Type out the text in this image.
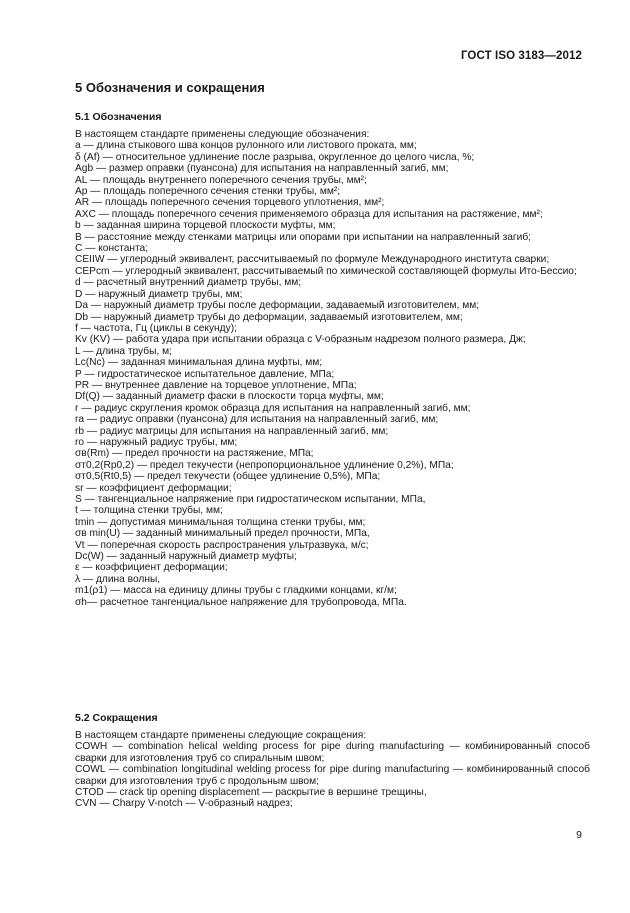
ГОСТ ISO 3183—2012
5 Обозначения и сокращения
5.1 Обозначения
В настоящем стандарте применены следующие обозначения:
a — длина стыкового шва концов рулонного или листового проката, мм;
δ (Af) — относительное удлинение после разрыва, округленное до целого числа, %;
Agb — размер оправки (пуансона) для испытания на направленный загиб, мм;
AL — площадь внутреннего поперечного сечения трубы, мм²;
Ap — площадь поперечного сечения стенки трубы, мм²;
AR — площадь поперечного сечения торцевого уплотнения, мм²;
AXC — площадь поперечного сечения применяемого образца для испытания на растяжение, мм²;
b — заданная ширина торцевой плоскости муфты, мм;
B — расстояние между стенками матрицы или опорами при испытании на направленный загиб;
C — константа;
CEIIW — углеродный эквивалент, рассчитываемый по формуле Международного института сварки;
CEPcm — углеродный эквивалент, рассчитываемый по химической составляющей формулы Ито-Бессио;
d — расчетный внутренний диаметр трубы, мм;
D — наружный диаметр трубы, мм;
Da — наружный диаметр трубы после деформации, задаваемый изготовителем, мм;
Db — наружный диаметр трубы до деформации, задаваемый изготовителем, мм;
f — частота, Гц (циклы в секунду);
Kv (KV) — работа удара при испытании образца с V-образным надрезом полного размера, Дж;
L — длина трубы, м;
Lc(Nc) — заданная минимальная длина муфты, мм;
P — гидростатическое испытательное давление, МПа;
PR — внутреннее давление на торцевое уплотнение, МПа;
Df(Q) — заданный диаметр фаски в плоскости торца муфты, мм;
r — радиус скругления кромок образца для испытания на направленный загиб, мм;
ra — радиус оправки (пуансона) для испытания на направленный загиб, мм;
rb — радиус матрицы для испытания на направленный загиб, мм;
ro — наружный радиус трубы, мм;
σв(Rm) — предел прочности на растяжение, МПа;
σт0,2(Rp0,2) — предел текучести (непропорциональное удлинение 0,2%), МПа;
σт0,5(Rt0,5) — предел текучести (общее удлинение 0,5%), МПа;
sr — коэффициент деформации;
S — тангенциальное напряжение при гидростатическом испытании, МПа,
t — толщина стенки трубы, мм;
tmin — допустимая минимальная толщина стенки трубы, мм;
σв min(U) — заданный минимальный предел прочности, МПа,
Vt — поперечная скорость распространения ультразвука, м/с;
Dc(W) — заданный наружный диаметр муфты;
ε — коэффициент деформации;
λ — длина волны,
m1(ρ1) — масса на единицу длины трубы с гладкими концами, кг/м;
σh— расчетное тангенциальное напряжение для трубопровода, МПа.
5.2 Сокращения
В настоящем стандарте применены следующие сокращения:
COWH — combination helical welding process for pipe during manufacturing — комбинированный способ сварки для изготовления труб со спиральным швом;
COWL — combination longitudinal welding process for pipe during manufacturing — комбинированный способ сварки для изготовления труб с продольным швом;
CTOD — crack tip opening displacement — раскрытие в вершине трещины,
CVN — Charpy V-notch — V-образный надрез;
9
